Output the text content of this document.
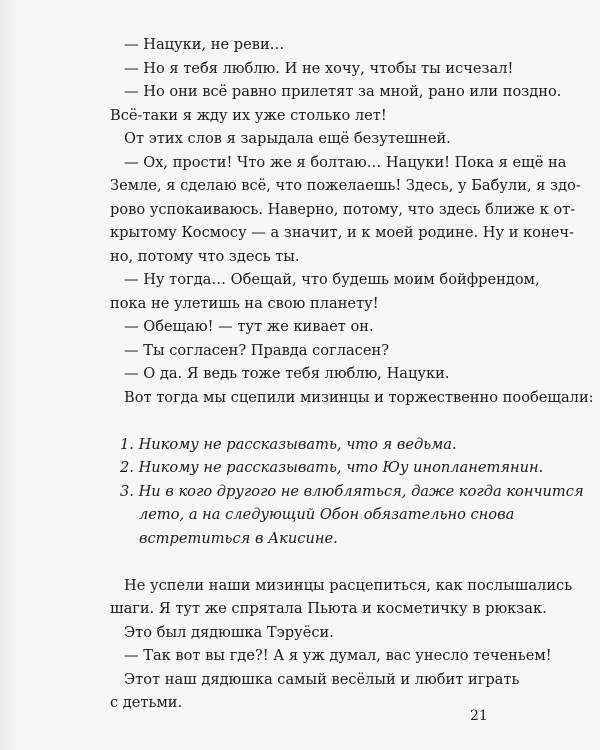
— Нацуки, не реви…
— Но я тебя люблю. И не хочу, чтобы ты исчезал!
— Но они всё равно прилетят за мной, рано или поздно.
Всё-таки я жду их уже столько лет!
От этих слов я зарыдала ещё безутешней.
— Ох, прости! Что же я болтаю… Нацуки! Пока я ещё на
Земле, я сделаю всё, что пожелаешь! Здесь, у Бабули, я здо-
рово успокаиваюсь. Наверно, потому, что здесь ближе к от-
крытому Космосу — а значит, и к моей родине. Ну и конеч-
но, потому что здесь ты.
— Ну тогда… Обещай, что будешь моим бойфрендом,
пока не улетишь на свою планету!
— Обещаю! — тут же кивает он.
— Ты согласен? Правда согласен?
— О да. Я ведь тоже тебя люблю, Нацуки.
Вот тогда мы сцепили мизинцы и торжественно пообещали:
1. Никому не рассказывать, что я ведьма.
2. Никому не рассказывать, что Юу инопланетянин.
3. Ни в кого другого не влюбляться, даже когда кончится
лето, а на следующий Обон обязательно снова
встретиться в Акисине.
Не успели наши мизинцы расцепиться, как послышались
шаги. Я тут же спрятала Пьюта и косметичку в рюкзак.
Это был дядюшка Тэруёси.
— Так вот вы где?! А я уж думал, вас унесло теченьем!
Этот наш дядюшка самый весёлый и любит играть
с детьми.
21
